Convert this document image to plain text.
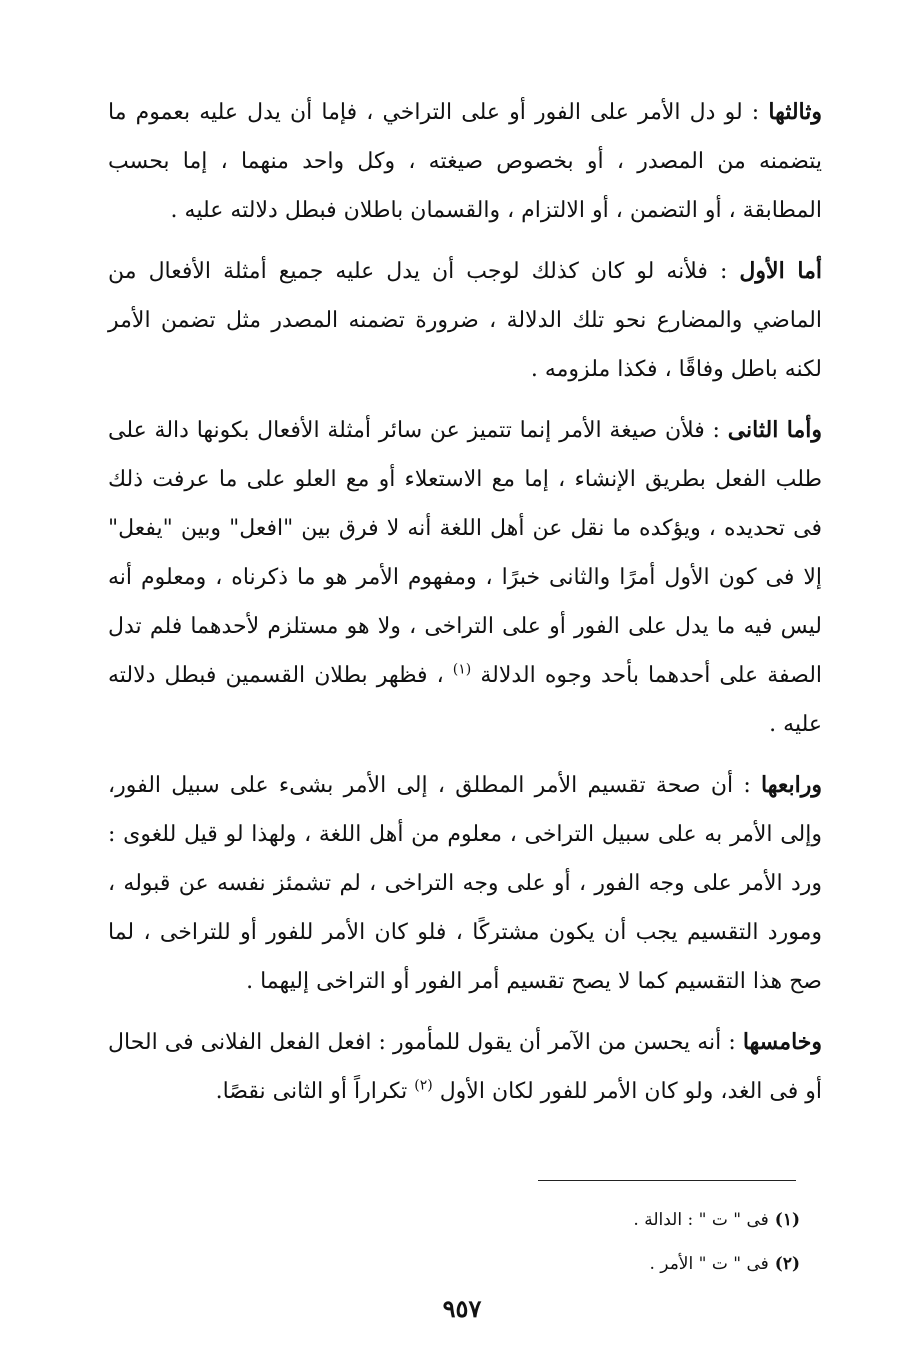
وثالثها : لو دل الأمر على الفور أو على التراخي ، فإما أن يدل عليه بعموم ما يتضمنه من المصدر ، أو بخصوص صيغته ، وكل واحد منهما ، إما بحسب المطابقة ، أو التضمن ، أو الالتزام ، والقسمان باطلان فبطل دلالته عليه .

أما الأول : فلأنه لو كان كذلك لوجب أن يدل عليه جميع أمثلة الأفعال من الماضي والمضارع نحو تلك الدلالة ، ضرورة تضمنه المصدر مثل تضمن الأمر لكنه باطل وفاقًا ، فكذا ملزومه .

وأما الثانى : فلأن صيغة الأمر إنما تتميز عن سائر أمثلة الأفعال بكونها دالة على طلب الفعل بطريق الإنشاء ، إما مع الاستعلاء أو مع العلو على ما عرفت ذلك فى تحديده ، ويؤكده ما نقل عن أهل اللغة أنه لا فرق بين "افعل" وبين "يفعل" إلا فى كون الأول أمرًا والثانى خبرًا ، ومفهوم الأمر هو ما ذكرناه ، ومعلوم أنه ليس فيه ما يدل على الفور أو على التراخى ، ولا هو مستلزم لأحدهما فلم تدل الصفة على أحدهما بأحد وجوه الدلالة $^{(١)}$ ، فظهر بطلان القسمين فبطل دلالته عليه .

ورابعها : أن صحة تقسيم الأمر المطلق ، إلى الأمر بشىء على سبيل الفور، وإلى الأمر به على سبيل التراخى ، معلوم من أهل اللغة ، ولهذا لو قيل للغوى : ورد الأمر على وجه الفور ، أو على وجه التراخى ، لم تشمئز نفسه عن قبوله ، ومورد التقسيم يجب أن يكون مشتركًا ، فلو كان الأمر للفور أو للتراخى ، لما صح هذا التقسيم كما لا يصح تقسيم أمر الفور أو التراخى إليهما .

وخامسها : أنه يحسن من الآمر أن يقول للمأمور : افعل الفعل الفلانى فى الحال أو فى الغد، ولو كان الأمر للفور لكان الأول $^{(٢)}$ تكراراً أو الثانى نقصًا.

(١)فى " ت " : الدالة .

(٢)فى " ت " الأمر .

٩٥٧
